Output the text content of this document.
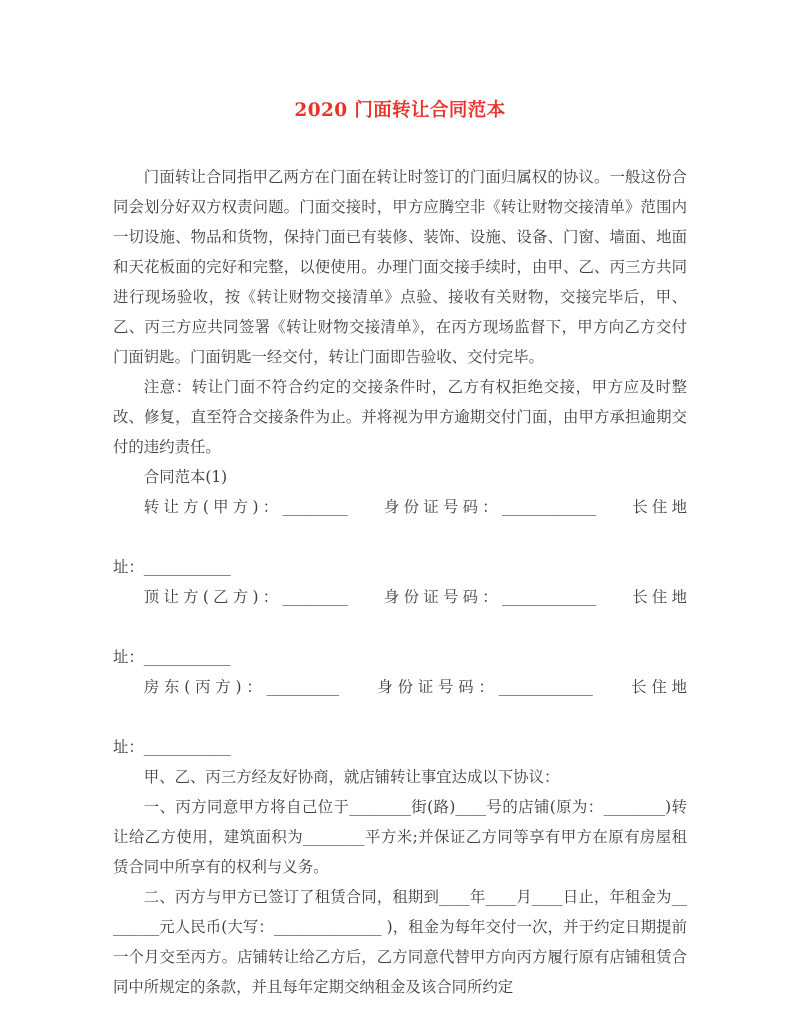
2020 门面转让合同范本

门面转让合同指甲乙两方在门面在转让时签订的门面归属权的协议。一般这份合同会划分好双方权责问题。门面交接时，甲方应腾空非《转让财物交接清单》范围内一切设施、物品和货物，保持门面已有装修、装饰、设施、设备、门窗、墙面、地面和天花板面的完好和完整，以便使用。办理门面交接手续时，由甲、乙、丙三方共同进行现场验收，按《转让财物交接清单》点验、接收有关财物，交接完毕后，甲、乙、丙三方应共同签署《转让财物交接清单》，在丙方现场监督下，甲方向乙方交付门面钥匙。门面钥匙一经交付，转让门面即告验收、交付完毕。

注意：转让门面不符合约定的交接条件时，乙方有权拒绝交接，甲方应及时整改、修复，直至符合交接条件为止。并将视为甲方逾期交付门面，由甲方承担逾期交付的违约责任。

合同范本(1)

转让方(甲方)：_________ 身份证号码：_____________ 长住地

址：____________

顶让方(乙方)：_________ 身份证号码：_____________ 长住地

址：____________

房东(丙方)：__________	身份证号码：_____________	长住地

址：____________

甲、乙、丙三方经友好协商，就店铺转让事宜达成以下协议：

一、丙方同意甲方将自己位于________街(路)____号的店铺(原为：________)转让给乙方使用，建筑面积为________平方米;并保证乙方同等享有甲方在原有房屋租赁合同中所享有的权利与义务。

二、丙方与甲方已签订了租赁合同，租期到____年____月____日止，年租金为________元人民币(大写：______________ )，租金为每年交付一次，并于约定日期提前一个月交至丙方。店铺转让给乙方后，乙方同意代替甲方向丙方履行原有店铺租赁合同中所规定的条款，并且每年定期交纳租金及该合同所约定
